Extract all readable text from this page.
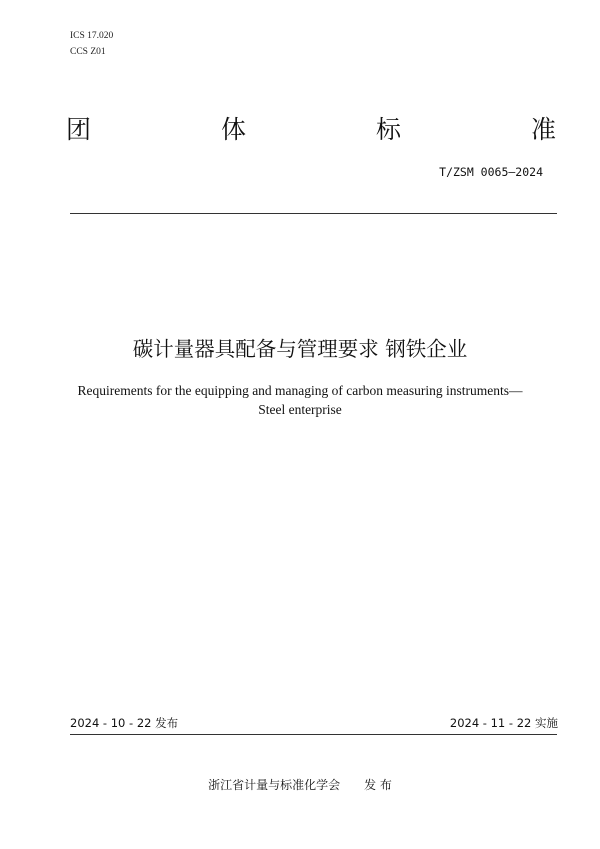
ICS 17.020
CCS Z01
团	体	标	准
T/ZSM 0065—2024
碳计量器具配备与管理要求 钢铁企业
Requirements for the equipping and managing of carbon measuring instruments—
Steel enterprise
2024 - 10 - 22 发布	2024 - 11 - 22 实施
浙江省计量与标准化学会 发 布
